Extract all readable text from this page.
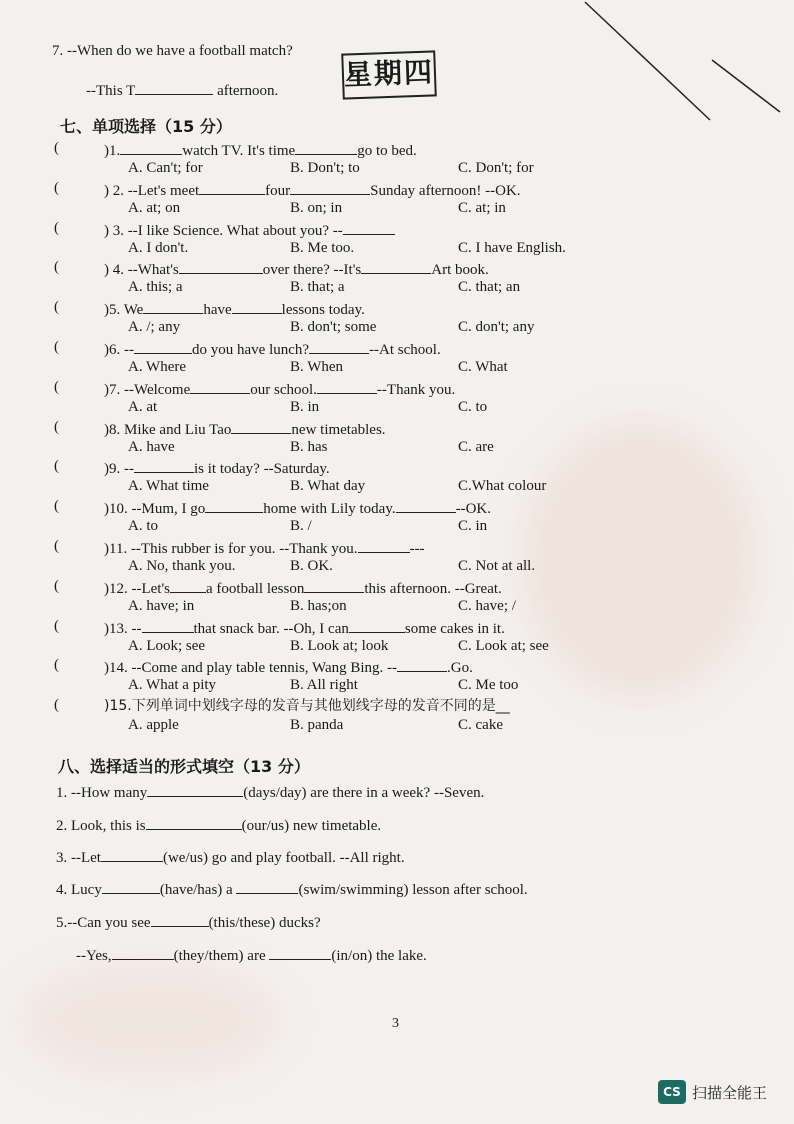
7. --When do we have a football match?
--This T	afternoon. 星期四
七、单项选择（15 分）
(	)1.	watch TV. It's time	go to bed.
A. Can't; for	B. Don't; to	C. Don't; for
(	) 2. --Let's meet	four	Sunday afternoon! --OK.
A. at; on	B. on; in	C. at; in
(	) 3. --I like Science. What about you? --
A. I don't.	B. Me too.	C. I have English.
(	) 4. --What's	over there? --It's	Art book.
A. this; a	B. that; a	C. that; an
(	)5. We	have	lessons today.
A. /; any	B. don't; some	C. don't; any
(	)6. --	do you have lunch?	--At school.
A. Where	B. When	C. What
(	)7. --Welcome	our school.	--Thank you.
A. at	B. in	C. to
(	)8. Mike and Liu Tao	new timetables.
A. have	B. has	C. are
(	)9. --	is it today? --Saturday.
A. What time	B. What day	C.What colour
(	)10. --Mum, I go	home with Lily today.	--OK.
A. to	B. /	C. in
(	)11. --This rubber is for you. --Thank you.	---
A. No, thank you.	B. OK.	C. Not at all.
(	)12. --Let's a football lesson	this afternoon. --Great.
A. have; in	B. has;on	C. have; /
(	)13. --	that snack bar. --Oh, I can	some cakes in it.
A. Look; see	B. Look at; look	C. Look at; see
(	)14. --Come and play table tennis, Wang Bing. --	.Go.
A. What a pity	B. All right	C. Me too
(	)15.下列单词中划线字母的发音与其他划线字母的发音不同的是__
A. apple	B. panda	C. cake
八、选择适当的形式填空（13 分）
1. --How many	(days/day) are there in a week? --Seven.
2. Look, this is	(our/us) new timetable.
3. --Let	(we/us) go and play football. --All right.
4. Lucy	(have/has) a	(swim/swimming) lesson after school.
5.--Can you see	(this/these) ducks?
--Yes,	(they/them) are	(in/on) the lake.
3
CS 扫描全能王
